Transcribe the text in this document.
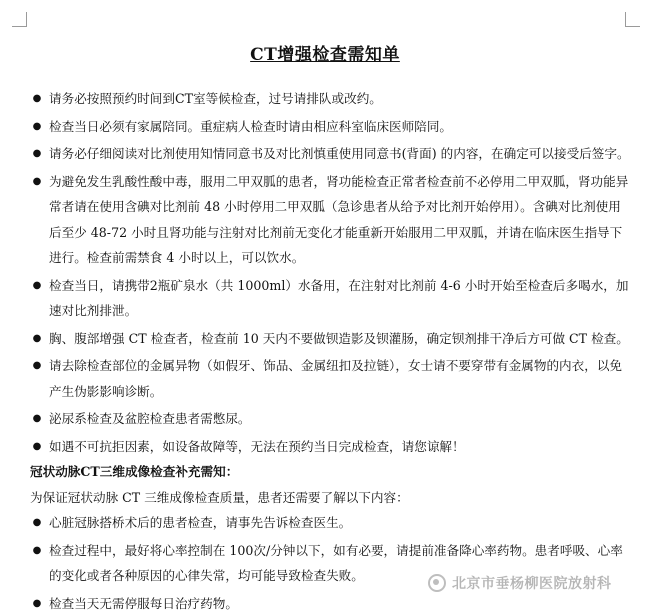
CT增强检查需知单
● 请务必按照预约时间到CT室等候检查，过号请排队或改约。
● 检查当日必须有家属陪同。重症病人检查时请由相应科室临床医师陪同。
● 请务必仔细阅读对比剂使用知情同意书及对比剂慎重使用同意书(背面) 的内容，在确定可以接受后签字。
● 为避免发生乳酸性酸中毒，服用二甲双胍的患者，肾功能检查正常者检查前不必停用二甲双胍，肾功能异常者请在使用含碘对比剂前 48 小时停用二甲双胍（急诊患者从给予对比剂开始停用）。含碘对比剂使用后至少 48-72 小时且肾功能与注射对比剂前无变化才能重新开始服用二甲双胍，并请在临床医生指导下进行。检查前需禁食 4 小时以上，可以饮水。
● 检查当日，请携带2瓶矿泉水（共 1000ml）水备用，在注射对比剂前 4-6 小时开始至检查后多喝水，加速对比剂排泄。
● 胸、腹部增强 CT 检查者，检查前 10 天内不要做钡造影及钡灌肠，确定钡剂排干净后方可做 CT 检查。
● 请去除检查部位的金属异物（如假牙、饰品、金属纽扣及拉链），女士请不要穿带有金属物的内衣，以免产生伪影影响诊断。
● 泌尿系检查及盆腔检查患者需憋尿。
● 如遇不可抗拒因素，如设备故障等，无法在预约当日完成检查，请您谅解！
冠状动脉CT三维成像检查补充需知：
为保证冠状动脉 CT 三维成像检查质量，患者还需要了解以下内容：
● 心脏冠脉搭桥术后的患者检查，请事先告诉检查医生。
● 检查过程中，最好将心率控制在 100次/分钟以下，如有必要，请提前准备降心率药物。患者呼吸、心率的变化或者各种原因的心律失常，均可能导致检查失败。
● 检查当天无需停服每日治疗药物。
北京市垂杨柳医院放射科
